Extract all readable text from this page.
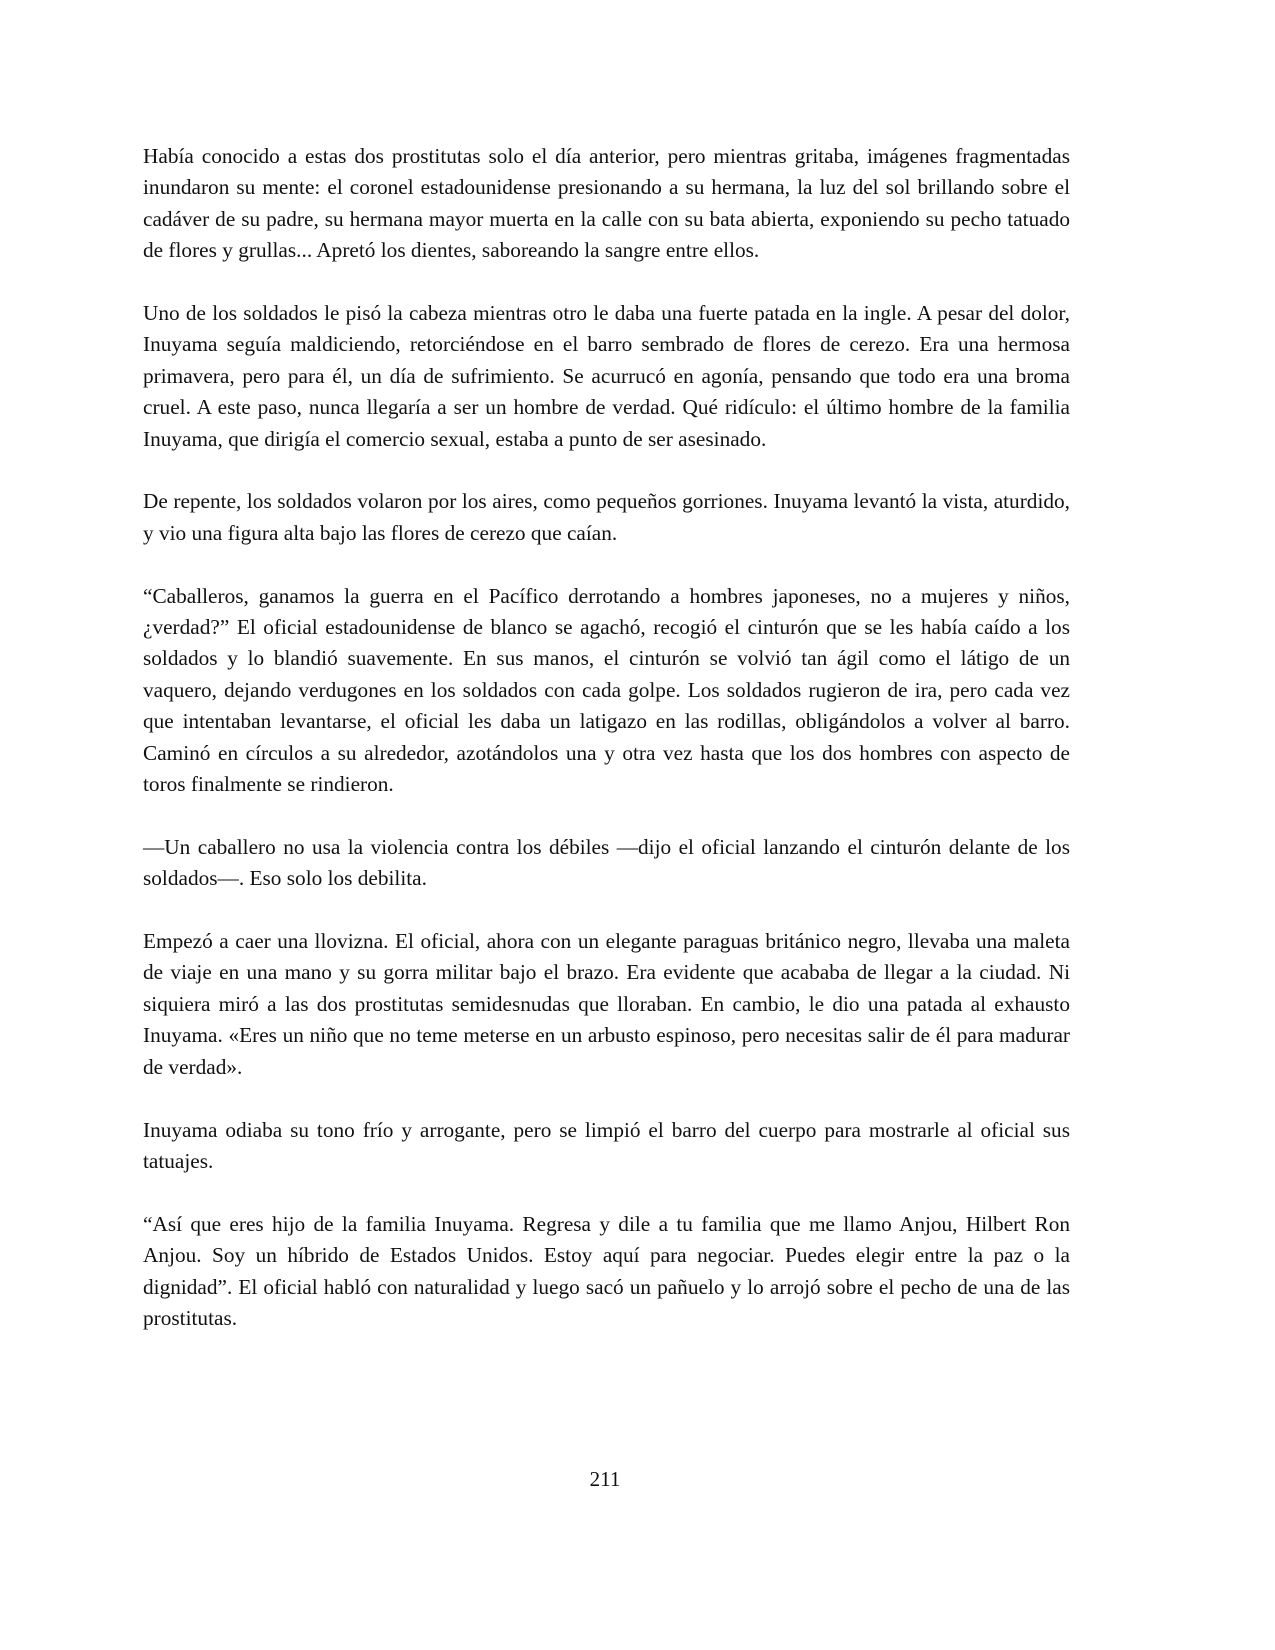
Había conocido a estas dos prostitutas solo el día anterior, pero mientras gritaba, imágenes fragmentadas inundaron su mente: el coronel estadounidense presionando a su hermana, la luz del sol brillando sobre el cadáver de su padre, su hermana mayor muerta en la calle con su bata abierta, exponiendo su pecho tatuado de flores y grullas... Apretó los dientes, saboreando la sangre entre ellos.

Uno de los soldados le pisó la cabeza mientras otro le daba una fuerte patada en la ingle. A pesar del dolor, Inuyama seguía maldiciendo, retorciéndose en el barro sembrado de flores de cerezo. Era una hermosa primavera, pero para él, un día de sufrimiento. Se acurrucó en agonía, pensando que todo era una broma cruel. A este paso, nunca llegaría a ser un hombre de verdad. Qué ridículo: el último hombre de la familia Inuyama, que dirigía el comercio sexual, estaba a punto de ser asesinado.

De repente, los soldados volaron por los aires, como pequeños gorriones. Inuyama levantó la vista, aturdido, y vio una figura alta bajo las flores de cerezo que caían.

“Caballeros, ganamos la guerra en el Pacífico derrotando a hombres japoneses, no a mujeres y niños, ¿verdad?” El oficial estadounidense de blanco se agachó, recogió el cinturón que se les había caído a los soldados y lo blandió suavemente. En sus manos, el cinturón se volvió tan ágil como el látigo de un vaquero, dejando verdugones en los soldados con cada golpe. Los soldados rugieron de ira, pero cada vez que intentaban levantarse, el oficial les daba un latigazo en las rodillas, obligándolos a volver al barro. Caminó en círculos a su alrededor, azotándolos una y otra vez hasta que los dos hombres con aspecto de toros finalmente se rindieron.

—Un caballero no usa la violencia contra los débiles —dijo el oficial lanzando el cinturón delante de los soldados—. Eso solo los debilita.

Empezó a caer una llovizna. El oficial, ahora con un elegante paraguas británico negro, llevaba una maleta de viaje en una mano y su gorra militar bajo el brazo. Era evidente que acababa de llegar a la ciudad. Ni siquiera miró a las dos prostitutas semidesnudas que lloraban. En cambio, le dio una patada al exhausto Inuyama. «Eres un niño que no teme meterse en un arbusto espinoso, pero necesitas salir de él para madurar de verdad».

Inuyama odiaba su tono frío y arrogante, pero se limpió el barro del cuerpo para mostrarle al oficial sus tatuajes.

“Así que eres hijo de la familia Inuyama. Regresa y dile a tu familia que me llamo Anjou, Hilbert Ron Anjou. Soy un híbrido de Estados Unidos. Estoy aquí para negociar. Puedes elegir entre la paz o la dignidad”. El oficial habló con naturalidad y luego sacó un pañuelo y lo arrojó sobre el pecho de una de las prostitutas.

211
